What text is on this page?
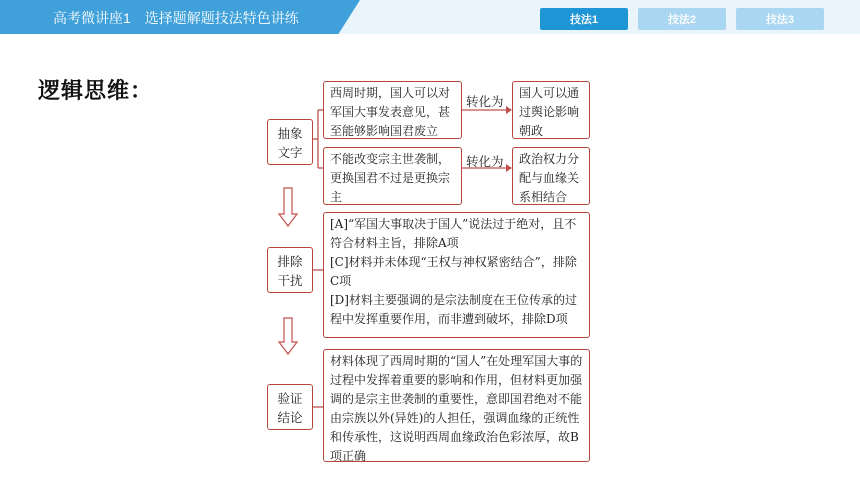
高考微讲座1　选择题解题技法特色讲练	技法1	技法2	技法3
逻辑思维：
抽象
文字
西周时期，国人可以对军国大事发表意见，甚至能够影响国君废立
转化为
国人可以通过舆论影响朝政
不能改变宗主世袭制，更换国君不过是更换宗主
转化为	政治权力分配与血缘关系相结合
排除
干扰
[A]“军国大事取决于国人”说法过于绝对，且不符合材料主旨，排除A项
[C]材料并未体现“王权与神权紧密结合”，排除C项
[D]材料主要强调的是宗法制度在王位传承的过程中发挥重要作用，而非遭到破坏，排除D项
验证
结论
材料体现了西周时期的“国人”在处理军国大事的过程中发挥着重要的影响和作用，但材料更加强调的是宗主世袭制的重要性，意即国君绝对不能由宗族以外(异姓)的人担任，强调血缘的正统性和传承性，这说明西周血缘政治色彩浓厚，故B项正确
